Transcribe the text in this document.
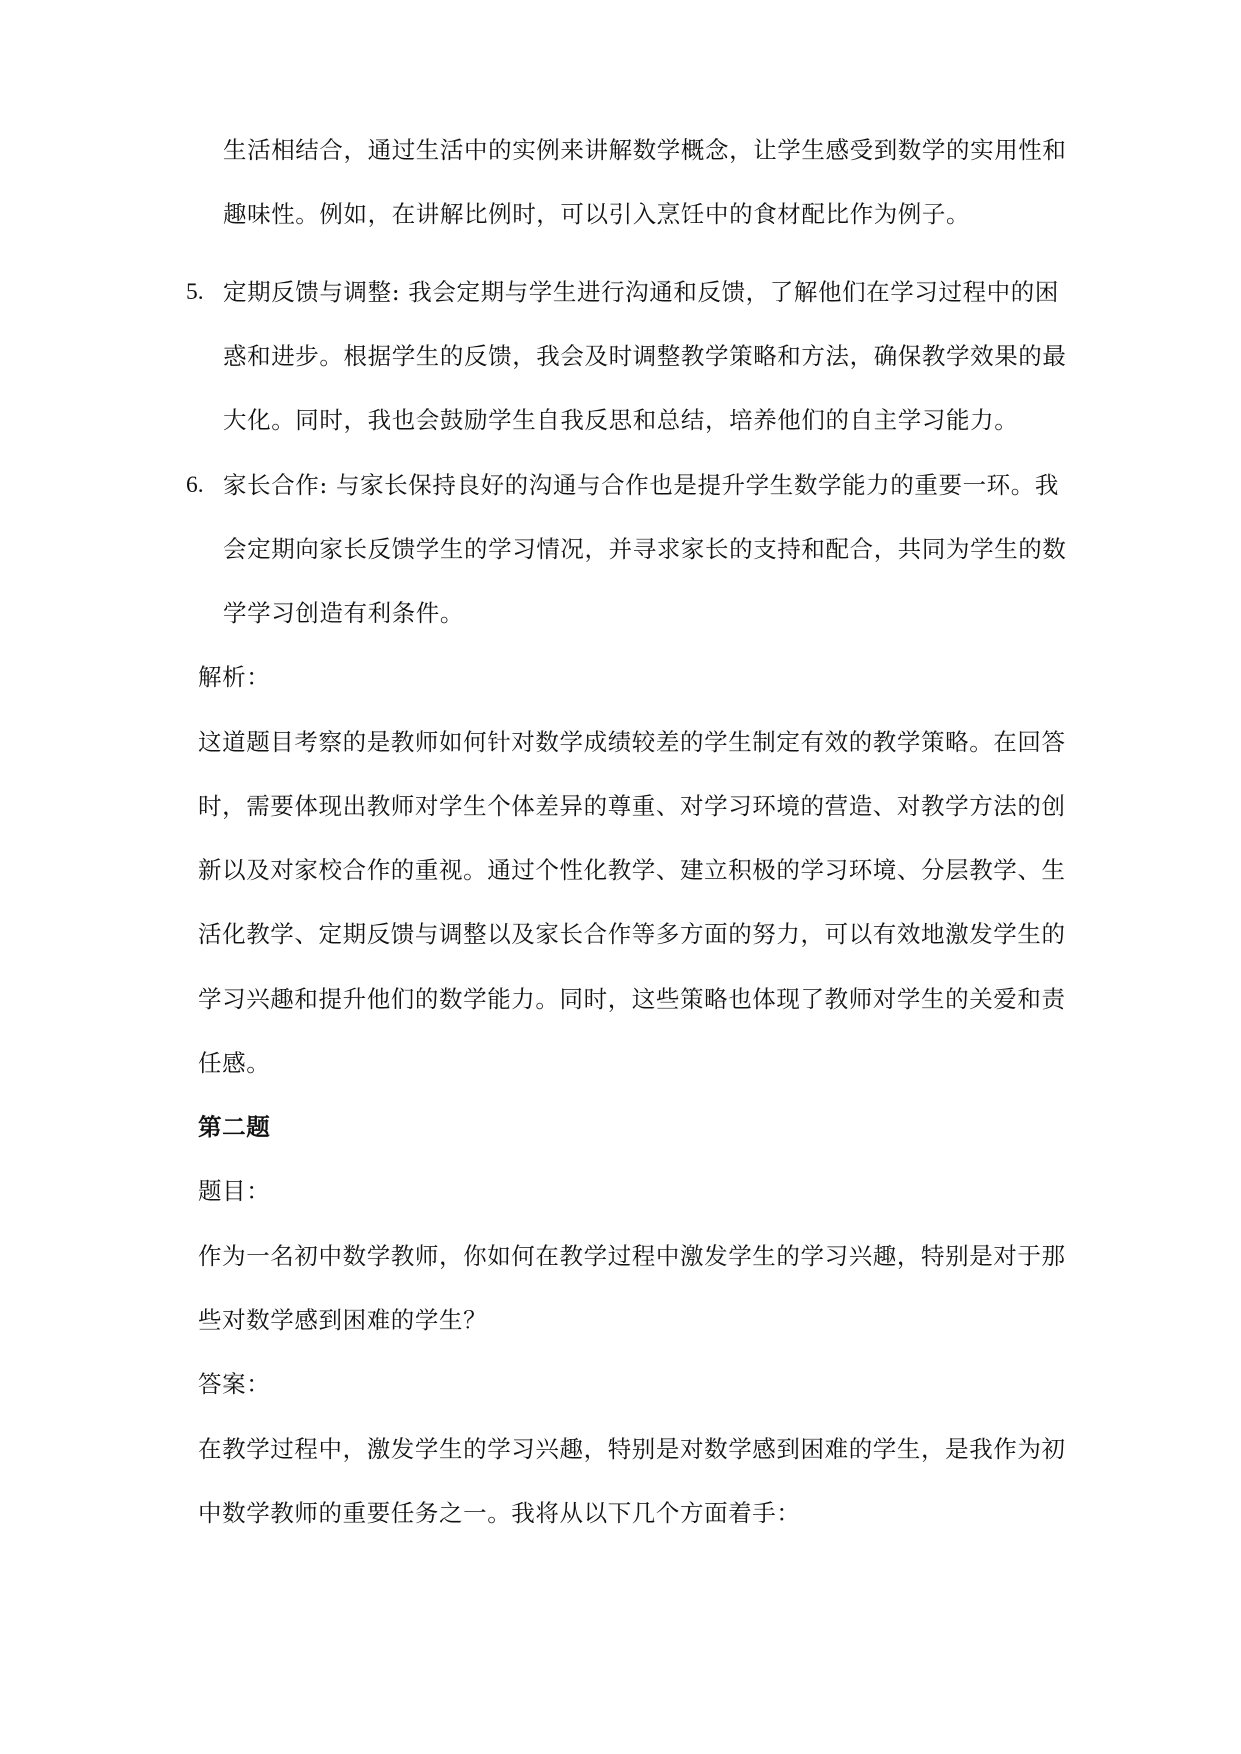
生活相结合，通过生活中的实例来讲解数学概念，让学生感受到数学的实用性和
趣味性。例如，在讲解比例时，可以引入烹饪中的食材配比作为例子。
5. 定期反馈与调整: 我会定期与学生进行沟通和反馈，了解他们在学习过程中的困
惑和进步。根据学生的反馈，我会及时调整教学策略和方法，确保教学效果的最
大化。同时，我也会鼓励学生自我反思和总结，培养他们的自主学习能力。
6. 家长合作: 与家长保持良好的沟通与合作也是提升学生数学能力的重要一环。我
会定期向家长反馈学生的学习情况，并寻求家长的支持和配合，共同为学生的数
学学习创造有利条件。
解析：
这道题目考察的是教师如何针对数学成绩较差的学生制定有效的教学策略。在回答
时，需要体现出教师对学生个体差异的尊重、对学习环境的营造、对教学方法的创
新以及对家校合作的重视。通过个性化教学、建立积极的学习环境、分层教学、生
活化教学、定期反馈与调整以及家长合作等多方面的努力，可以有效地激发学生的
学习兴趣和提升他们的数学能力。同时，这些策略也体现了教师对学生的关爱和责
任感。
第二题
题目：
作为一名初中数学教师，你如何在教学过程中激发学生的学习兴趣，特别是对于那
些对数学感到困难的学生？
答案：
在教学过程中，激发学生的学习兴趣，特别是对数学感到困难的学生，是我作为初
中数学教师的重要任务之一。我将从以下几个方面着手：
